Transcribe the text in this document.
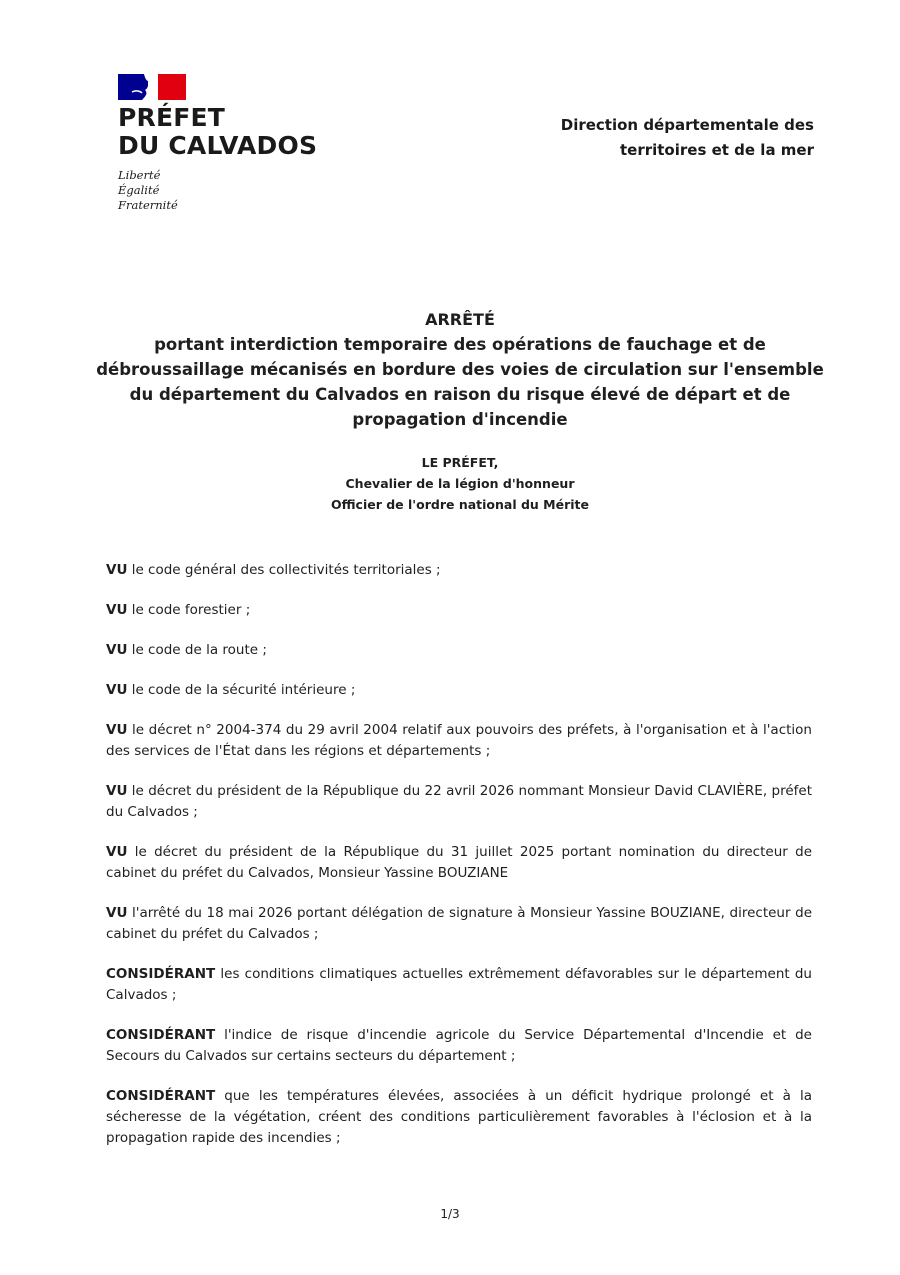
PRÉFET
DU CALVADOS
Liberté
Égalité
Fraternité
Direction départementale des
territoires et de la mer
ARRÊTÉ
portant interdiction temporaire des opérations de fauchage et de
débroussaillage mécanisés en bordure des voies de circulation sur l'ensemble
du département du Calvados en raison du risque élevé de départ et de
propagation d'incendie
LE PRÉFET,
Chevalier de la légion d'honneur
Officier de l'ordre national du Mérite

VU le code général des collectivités territoriales ;

VU le code forestier ;

VU le code de la route ;

VU le code de la sécurité intérieure ;

VU le décret n° 2004-374 du 29 avril 2004 relatif aux pouvoirs des préfets, à l'organisation et à l'action des services de l'État dans les régions et départements ;

VU le décret du président de la République du 22 avril 2026 nommant Monsieur David CLAVIÈRE, préfet du Calvados ;

VU le décret du président de la République du 31 juillet 2025 portant nomination du directeur de cabinet du préfet du Calvados, Monsieur Yassine BOUZIANE

VU l'arrêté du 18 mai 2026 portant délégation de signature à Monsieur Yassine BOUZIANE, directeur de cabinet du préfet du Calvados ;

CONSIDÉRANT les conditions climatiques actuelles extrêmement défavorables sur le département du Calvados ;

CONSIDÉRANT l'indice de risque d'incendie agricole du Service Départemental d'Incendie et de Secours du Calvados sur certains secteurs du département ;

CONSIDÉRANT que les températures élevées, associées à un déficit hydrique prolongé et à la sécheresse de la végétation, créent des conditions particulièrement favorables à l'éclosion et à la propagation rapide des incendies ;

1/3
